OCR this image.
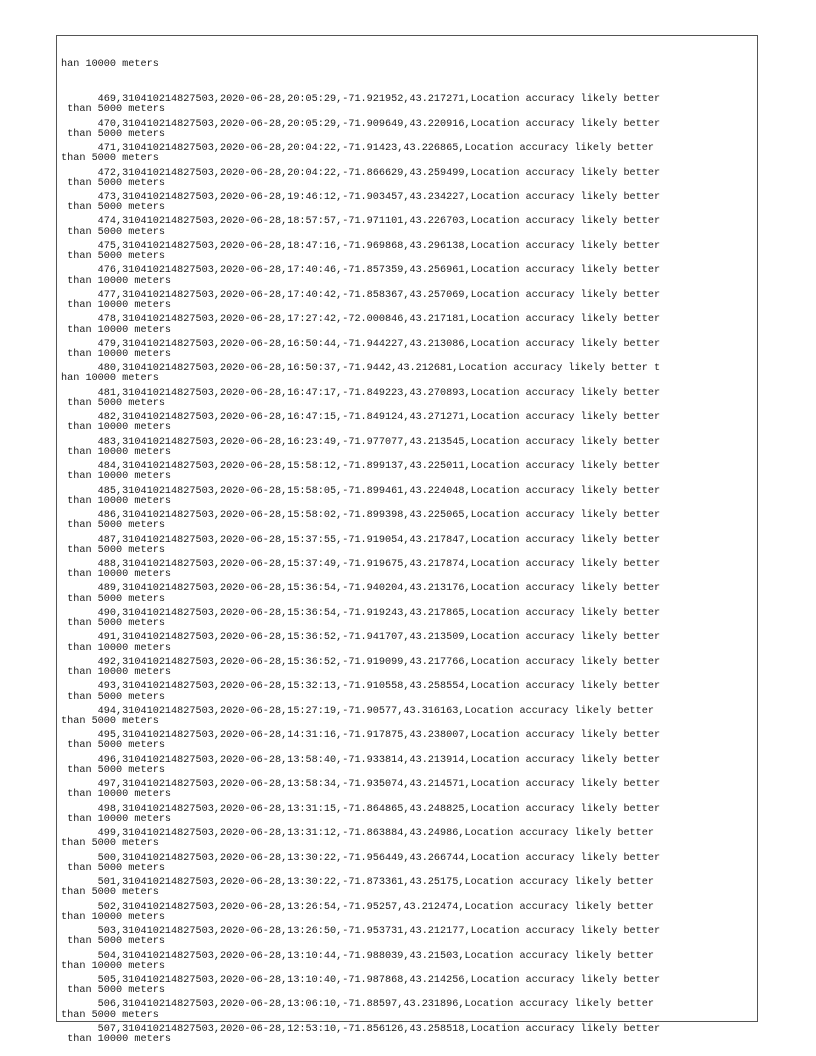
han 10000 meters

469,310410214827503,2020-06-28,20:05:29,-71.921952,43.217271,Location accuracy likely better
than 5000 meters
470,310410214827503,2020-06-28,20:05:29,-71.909649,43.220916,Location accuracy likely better
than 5000 meters
471,310410214827503,2020-06-28,20:04:22,-71.91423,43.226865,Location accuracy likely better
than 5000 meters
472,310410214827503,2020-06-28,20:04:22,-71.866629,43.259499,Location accuracy likely better
than 5000 meters
473,310410214827503,2020-06-28,19:46:12,-71.903457,43.234227,Location accuracy likely better
than 5000 meters
474,310410214827503,2020-06-28,18:57:57,-71.971101,43.226703,Location accuracy likely better
than 5000 meters
475,310410214827503,2020-06-28,18:47:16,-71.969868,43.296138,Location accuracy likely better
than 5000 meters
476,310410214827503,2020-06-28,17:40:46,-71.857359,43.256961,Location accuracy likely better
than 10000 meters
477,310410214827503,2020-06-28,17:40:42,-71.858367,43.257069,Location accuracy likely better
than 10000 meters
478,310410214827503,2020-06-28,17:27:42,-72.000846,43.217181,Location accuracy likely better
than 10000 meters
479,310410214827503,2020-06-28,16:50:44,-71.944227,43.213086,Location accuracy likely better
than 10000 meters
480,310410214827503,2020-06-28,16:50:37,-71.9442,43.212681,Location accuracy likely better t
han 10000 meters
481,310410214827503,2020-06-28,16:47:17,-71.849223,43.270893,Location accuracy likely better
than 5000 meters
482,310410214827503,2020-06-28,16:47:15,-71.849124,43.271271,Location accuracy likely better
than 10000 meters
483,310410214827503,2020-06-28,16:23:49,-71.977077,43.213545,Location accuracy likely better
than 10000 meters
484,310410214827503,2020-06-28,15:58:12,-71.899137,43.225011,Location accuracy likely better
than 10000 meters
485,310410214827503,2020-06-28,15:58:05,-71.899461,43.224048,Location accuracy likely better
than 10000 meters
486,310410214827503,2020-06-28,15:58:02,-71.899398,43.225065,Location accuracy likely better
than 5000 meters
487,310410214827503,2020-06-28,15:37:55,-71.919054,43.217847,Location accuracy likely better
than 5000 meters
488,310410214827503,2020-06-28,15:37:49,-71.919675,43.217874,Location accuracy likely better
than 10000 meters
489,310410214827503,2020-06-28,15:36:54,-71.940204,43.213176,Location accuracy likely better
than 5000 meters
490,310410214827503,2020-06-28,15:36:54,-71.919243,43.217865,Location accuracy likely better
than 5000 meters
491,310410214827503,2020-06-28,15:36:52,-71.941707,43.213509,Location accuracy likely better
than 10000 meters
492,310410214827503,2020-06-28,15:36:52,-71.919099,43.217766,Location accuracy likely better
than 10000 meters
493,310410214827503,2020-06-28,15:32:13,-71.910558,43.258554,Location accuracy likely better
than 5000 meters
494,310410214827503,2020-06-28,15:27:19,-71.90577,43.316163,Location accuracy likely better
than 5000 meters
495,310410214827503,2020-06-28,14:31:16,-71.917875,43.238007,Location accuracy likely better
than 5000 meters
496,310410214827503,2020-06-28,13:58:40,-71.933814,43.213914,Location accuracy likely better
than 5000 meters
497,310410214827503,2020-06-28,13:58:34,-71.935074,43.214571,Location accuracy likely better
than 10000 meters
498,310410214827503,2020-06-28,13:31:15,-71.864865,43.248825,Location accuracy likely better
than 10000 meters
499,310410214827503,2020-06-28,13:31:12,-71.863884,43.24986,Location accuracy likely better
than 5000 meters
500,310410214827503,2020-06-28,13:30:22,-71.956449,43.266744,Location accuracy likely better
than 5000 meters
501,310410214827503,2020-06-28,13:30:22,-71.873361,43.25175,Location accuracy likely better
than 5000 meters
502,310410214827503,2020-06-28,13:26:54,-71.95257,43.212474,Location accuracy likely better
than 10000 meters
503,310410214827503,2020-06-28,13:26:50,-71.953731,43.212177,Location accuracy likely better
than 5000 meters
504,310410214827503,2020-06-28,13:10:44,-71.988039,43.21503,Location accuracy likely better
than 10000 meters
505,310410214827503,2020-06-28,13:10:40,-71.987868,43.214256,Location accuracy likely better
than 5000 meters
506,310410214827503,2020-06-28,13:06:10,-71.88597,43.231896,Location accuracy likely better
than 5000 meters
507,310410214827503,2020-06-28,12:53:10,-71.856126,43.258518,Location accuracy likely better
than 10000 meters
